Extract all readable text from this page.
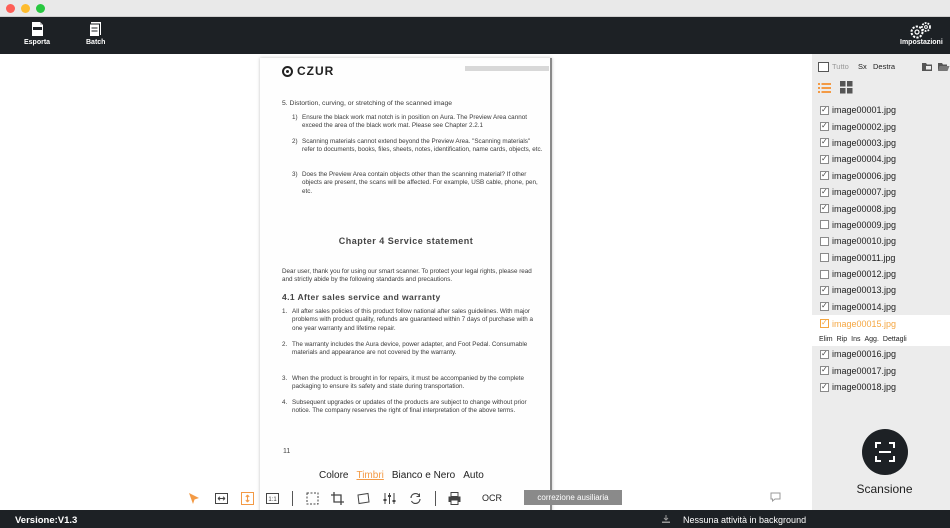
Esporta	Batch	Impostazioni
CZUR
5. Distortion, curving, or stretching of the scanned image
1) Ensure the black work mat notch is in position on Aura. The Preview Area cannot exceed the area of the black work mat. Please see Chapter 2.2.1
2) Scanning materials cannot extend beyond the Preview Area. "Scanning materials" refer to documents, books, files, sheets, notes, identification, name cards, objects, etc.
3) Does the Preview Area contain objects other than the scanning material? If other objects are present, the scans will be affected. For example, USB cable, phone, pen, etc.
Chapter 4 Service statement
Dear user, thank you for using our smart scanner. To protect your legal rights, please read and strictly abide by the following standards and precautions.
4.1 After sales service and warranty
1. All after sales policies of this product follow national after sales guidelines. With major problems with product quality, refunds are guaranteed within 7 days of purchase with a one year warranty and lifetime repair.
2. The warranty includes the Aura device, power adapter, and Foot Pedal. Consumable materials and appearance are not covered by the warranty.
3. When the product is brought in for repairs, it must be accompanied by the complete packaging to ensure its safety and state during transportation.
4. Subsequent upgrades or updates of the products are subject to change without prior notice. The company reserves the right of final interpretation of the above terms.
11
Colore Timbri Bianco e Nero Auto
1:1	OCR	correzione ausiliaria
Tutto Sx Destra
✓
image00001.jpg
✓
image00002.jpg
✓
image00003.jpg
✓
image00004.jpg
✓
image00006.jpg
✓
image00007.jpg
✓
image00008.jpg
image00009.jpg
image00010.jpg
image00011.jpg
image00012.jpg
✓
image00013.jpg
✓
image00014.jpg
✓
image00015.jpg
Elim Rip Ins Agg. Dettagli
✓
image00016.jpg
✓
image00017.jpg
✓
image00018.jpg
Scansione
Versione:V1.3	Nessuna attività in background
